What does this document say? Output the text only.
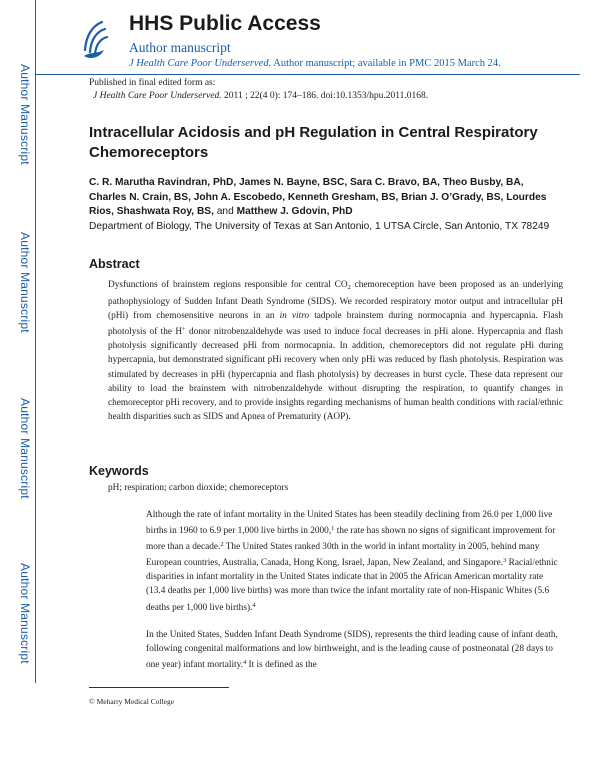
Author Manuscript
Author Manuscript
Author Manuscript
Author Manuscript
HHS Public Access
Author manuscript
J Health Care Poor Underserved. Author manuscript; available in PMC 2015 March 24.
Published in final edited form as:
J Health Care Poor Underserved. 2011 ; 22(4 0): 174–186. doi:10.1353/hpu.2011.0168.
Intracellular Acidosis and pH Regulation in Central Respiratory Chemoreceptors
C. R. Marutha Ravindran, PhD, James N. Bayne, BSC, Sara C. Bravo, BA, Theo Busby, BA, Charles N. Crain, BS, John A. Escobedo, Kenneth Gresham, BS, Brian J. O’Grady, BS, Lourdes Rios, Shashwata Roy, BS, and Matthew J. Gdovin, PhD
Department of Biology, The University of Texas at San Antonio, 1 UTSA Circle, San Antonio, TX 78249
Abstract
Dysfunctions of brainstem regions responsible for central $CO_2$ chemoreception have been proposed as an underlying pathophysiology of Sudden Infant Death Syndrome (SIDS). We recorded respiratory motor output and intracellular pH (pHi) from chemosensitive neurons in an in vitro tadpole brainstem during normocapnia and hypercapnia. Flash photolysis of the H+ donor nitrobenzaldehyde was used to induce focal decreases in pHi alone. Hypercapnia and flash photolysis significantly decreased pHi from normocapnia. In addition, chemoreceptors did not regulate pHi during hypercapnia, but demonstrated significant pHi recovery when only pHi was reduced by flash photolysis. Respiration was stimulated by decreases in pHi (hypercapnia and flash photolysis) by decreases in burst cycle. These data represent our ability to load the brainstem with nitrobenzaldehyde without disrupting the respiration, to quantify changes in chemoreceptor pHi recovery, and to provide insights regarding mechanisms of human health conditions with racial/ethnic health disparities such as SIDS and Apnea of Prematurity (AOP).
Keywords
pH; respiration; carbon dioxide; chemoreceptors
Although the rate of infant mortality in the United States has been steadily declining from 26.0 per 1,000 live births in 1960 to 6.9 per 1,000 live births in 2000,$^1$ the rate has shown no signs of significant improvement for more than a decade.$^2$ The United States ranked 30th in the world in infant mortality in 2005, behind many European countries, Australia, Canada, Hong Kong, Israel, Japan, New Zealand, and Singapore.$^3$ Racial/ethnic disparities in infant mortality in the United States indicate that in 2005 the African American mortality rate (13.4 deaths per 1,000 live births) was more than twice the infant mortality rate of non-Hispanic Whites (5.6 deaths per 1,000 live births).$^4$
In the United States, Sudden Infant Death Syndrome (SIDS), represents the third leading cause of infant death, following congenital malformations and low birthweight, and is the leading cause of postneonatal (28 days to one year) infant mortality.$^4$ It is defined as the
© Meharry Medical College
